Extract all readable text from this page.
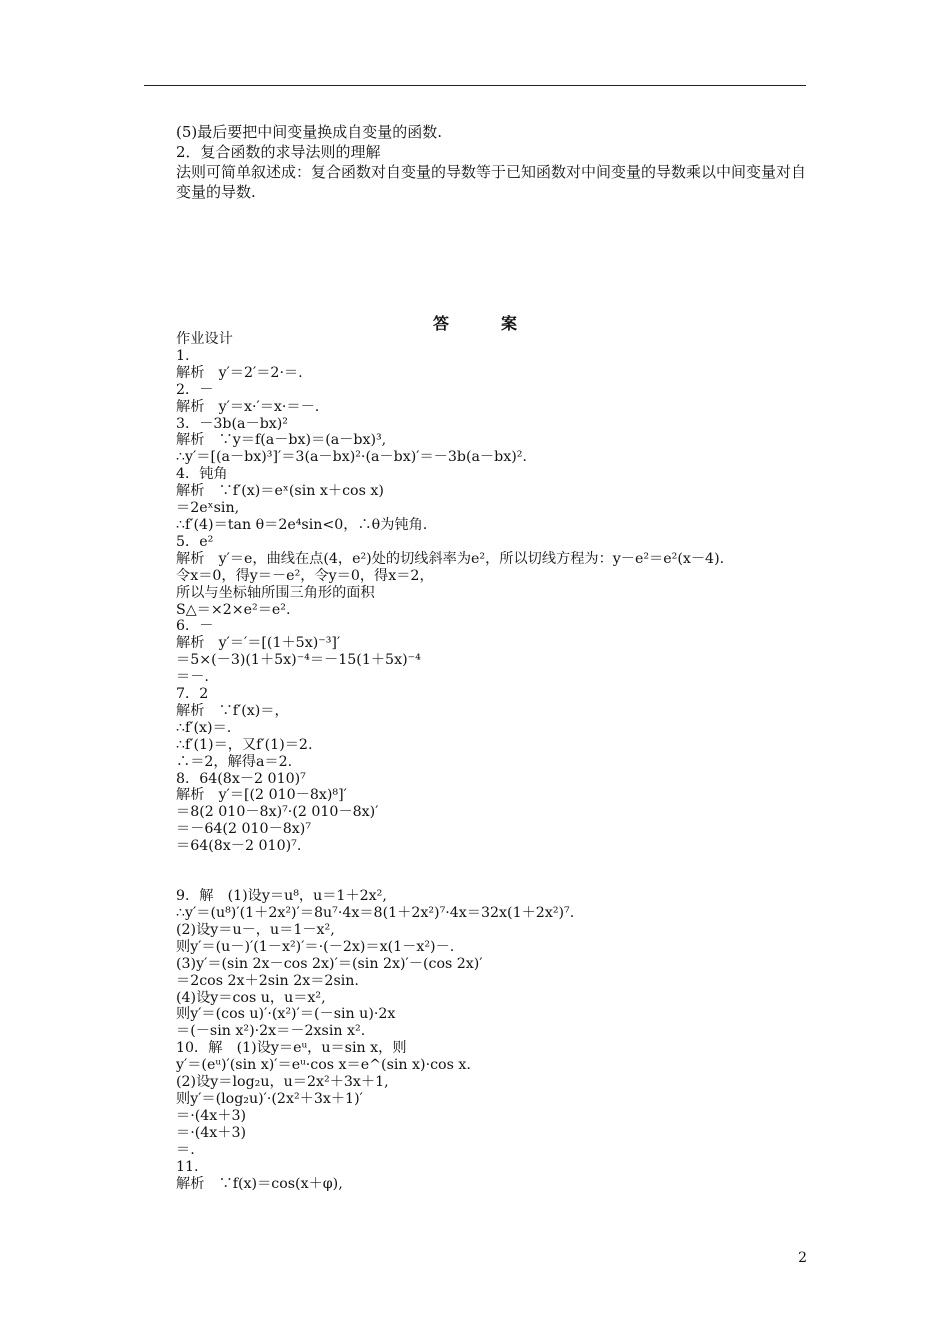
(5)最后要把中间变量换成自变量的函数.

2．复合函数的求导法则的理解

法则可简单叙述成：复合函数对自变量的导数等于已知函数对中间变量的导数乘以中间变量对自变量的导数.

答案
作业设计
1.
解析　y′＝2′＝2·＝.
2．－
解析　y′＝x·′＝x·＝－.
3．－3b(a－bx)²
解析　∵y＝f(a－bx)＝(a－bx)³,
∴y′＝[(a－bx)³]′＝3(a－bx)²·(a－bx)′＝－3b(a－bx)².
4．钝角
解析　∵f′(x)＝eˣ(sin x＋cos x)
＝2eˣsin,
∴f′(4)＝tan θ＝2e⁴sin<0，∴θ为钝角.
5．e²
解析　y′＝e，曲线在点(4，e²)处的切线斜率为e²，所以切线方程为：y－e²＝e²(x－4).
令x＝0，得y＝－e²，令y＝0，得x＝2，
所以与坐标轴所围三角形的面积
S△＝×2×e²＝e².
6．－
解析　y′＝′＝[(1＋5x)⁻³]′
＝5×(－3)(1＋5x)⁻⁴＝－15(1＋5x)⁻⁴
＝－.
7．2
解析　∵f′(x)＝，
∴f′(x)＝.
∴f′(1)＝，又f′(1)＝2.
∴＝2，解得a＝2.
8．64(8x－2 010)⁷
解析　y′＝[(2 010－8x)⁸]′
＝8(2 010－8x)⁷·(2 010－8x)′
＝－64(2 010－8x)⁷
＝64(8x－2 010)⁷.
9．解　(1)设y＝u⁸，u＝1＋2x²,
∴y′＝(u⁸)′(1＋2x²)′＝8u⁷·4x＝8(1＋2x²)⁷·4x＝32x(1＋2x²)⁷.
(2)设y＝u－，u＝1－x²,
则y′＝(u－)′(1－x²)′＝·(－2x)＝x(1－x²)－.
(3)y′＝(sin 2x－cos 2x)′＝(sin 2x)′－(cos 2x)′
＝2cos 2x＋2sin 2x＝2sin.
(4)设y＝cos u，u＝x²,
则y′＝(cos u)′·(x²)′＝(－sin u)·2x
＝(－sin x²)·2x＝－2xsin x².
10．解　(1)设y＝eᵘ，u＝sin x，则
y′＝(eᵘ)′(sin x)′＝eᵘ·cos x＝e^(sin x)·cos x.
(2)设y＝log₂u，u＝2x²＋3x＋1,
则y′＝(log₂u)′·(2x²＋3x＋1)′
＝·(4x＋3)
＝·(4x＋3)
＝.
11.
解析　∵f(x)＝cos(x＋φ),
2
